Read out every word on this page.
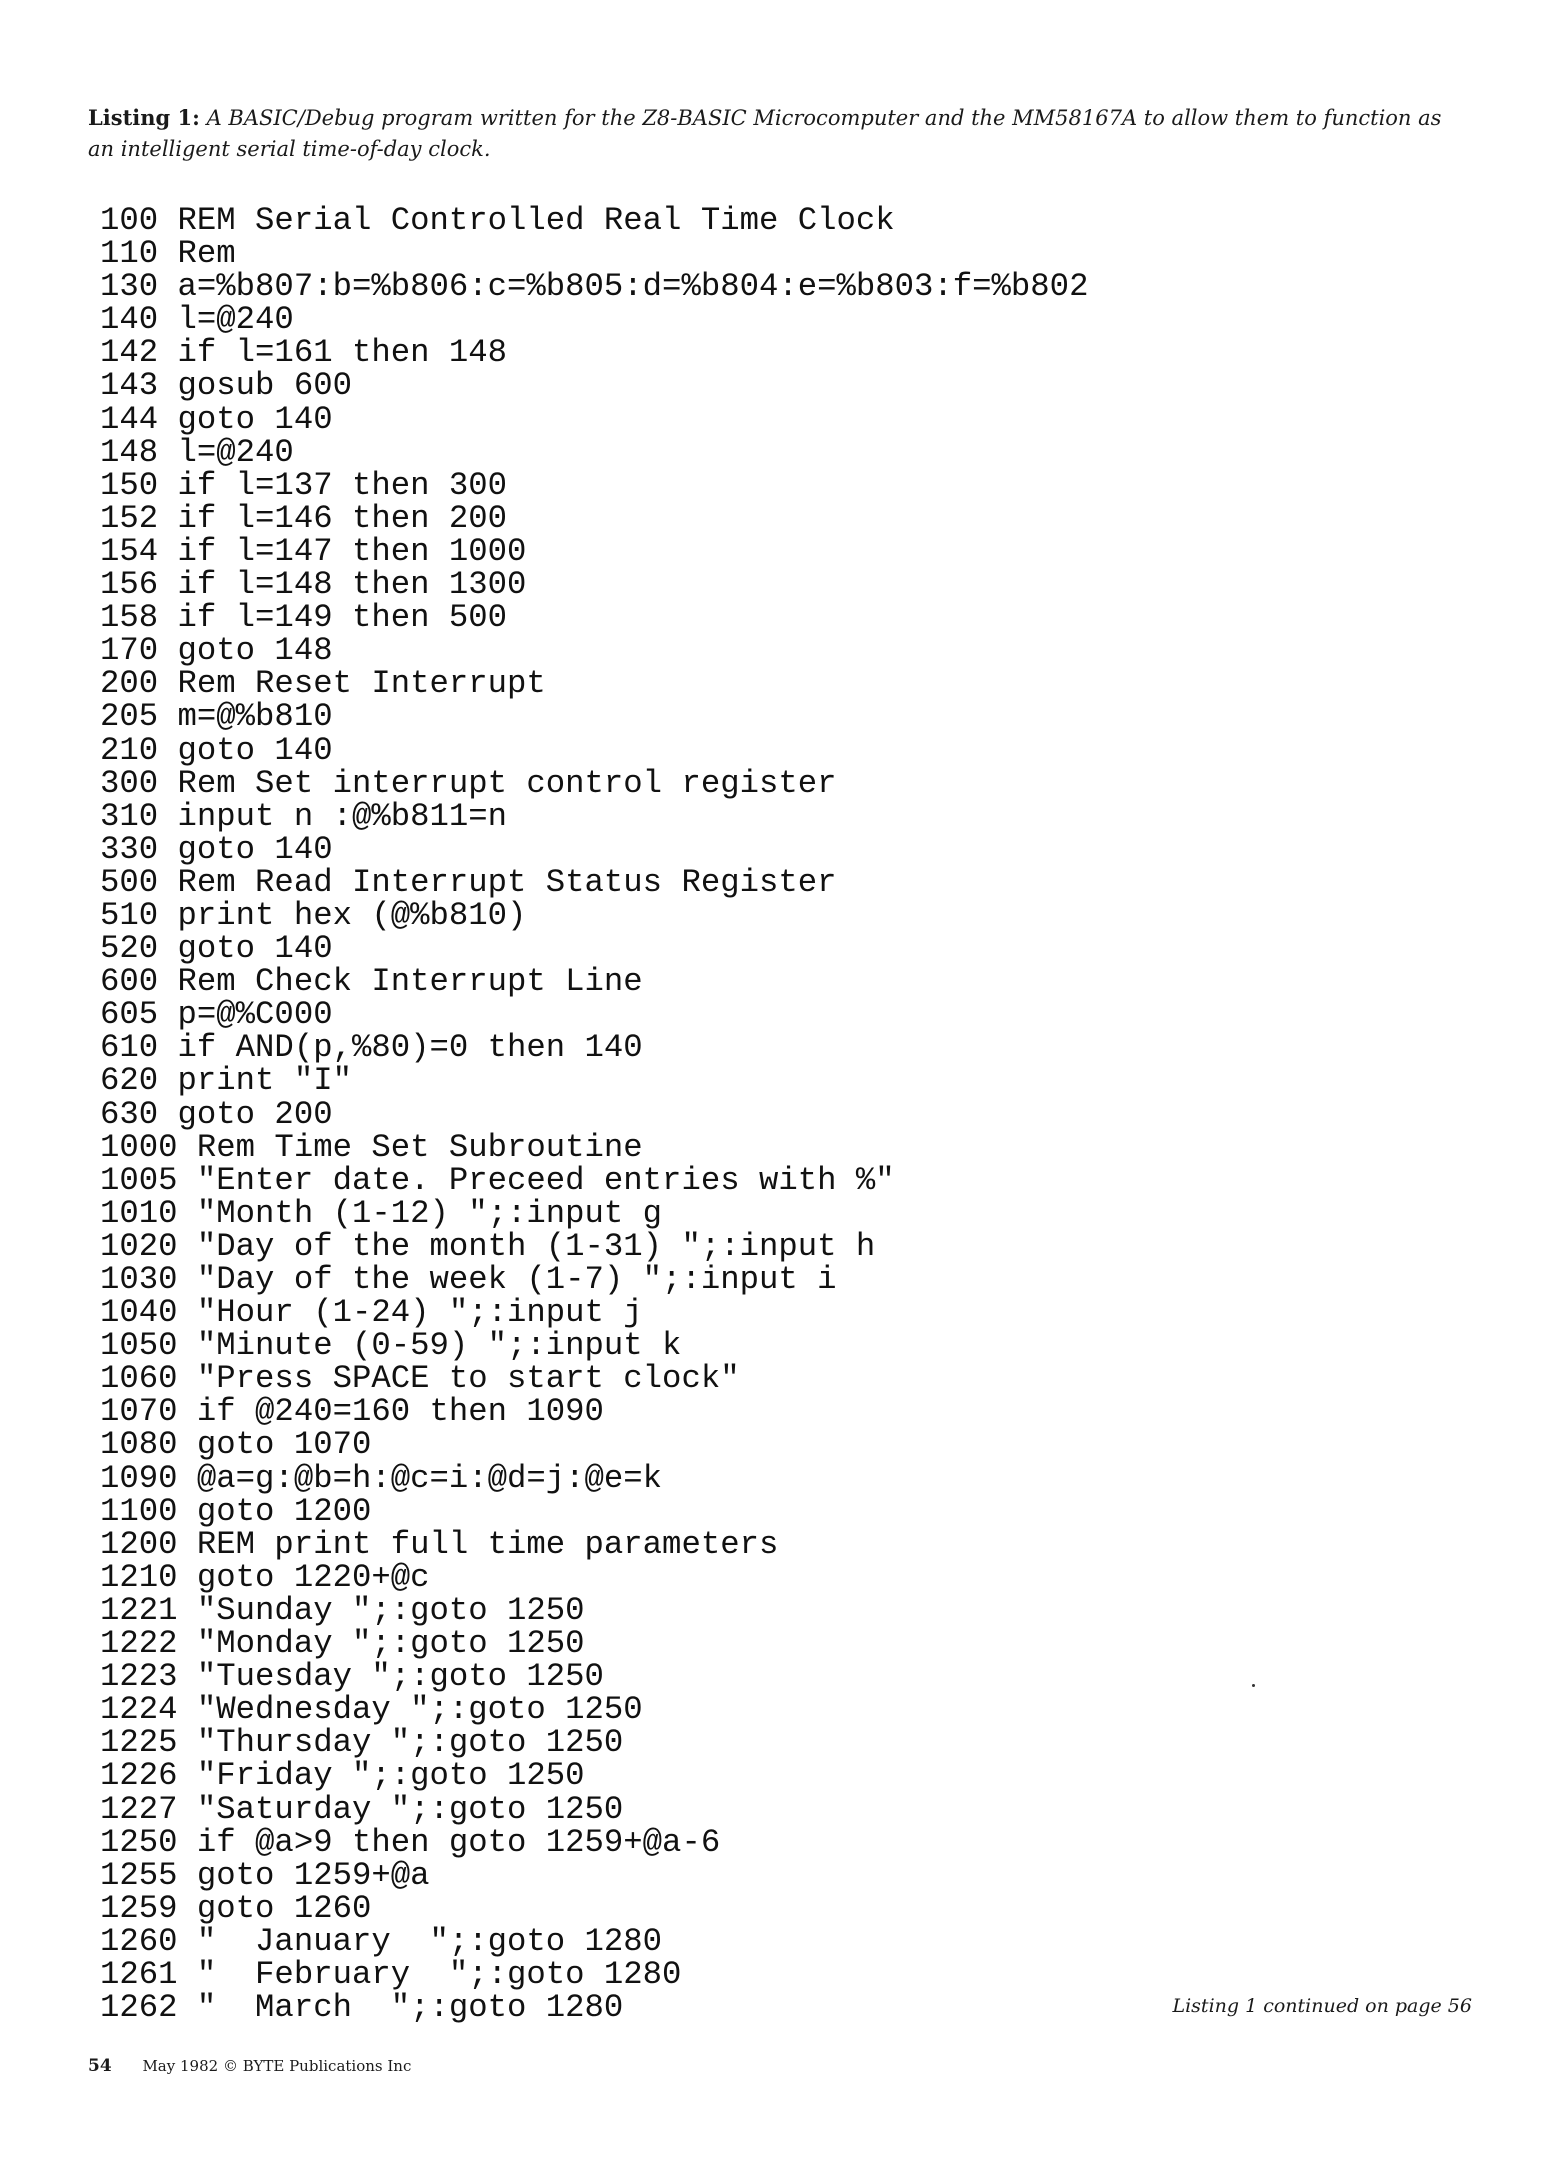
Listing 1: A BASIC/Debug program written for the Z8-BASIC Microcomputer and the MM58167A to allow them to function as an intelligent serial time-of-day clock.
100 REM Serial Controlled Real Time Clock
110 Rem
130 a=%b807:b=%b806:c=%b805:d=%b804:e=%b803:f=%b802
140 l=@240
142 if l=161 then 148
143 gosub 600
144 goto 140
148 l=@240
150 if l=137 then 300
152 if l=146 then 200
154 if l=147 then 1000
156 if l=148 then 1300
158 if l=149 then 500
170 goto 148
200 Rem Reset Interrupt
205 m=@%b810
210 goto 140
300 Rem Set interrupt control register
310 input n :@%b811=n
330 goto 140
500 Rem Read Interrupt Status Register
510 print hex (@%b810)
520 goto 140
600 Rem Check Interrupt Line
605 p=@%C000
610 if AND(p,%80)=0 then 140
620 print "I"
630 goto 200
1000 Rem Time Set Subroutine
1005 "Enter date. Preceed entries with %"
1010 "Month (1-12) ";:input g
1020 "Day of the month (1-31) ";:input h
1030 "Day of the week (1-7) ";:input i
1040 "Hour (1-24) ";:input j
1050 "Minute (0-59) ";:input k
1060 "Press SPACE to start clock"
1070 if @240=160 then 1090
1080 goto 1070
1090 @a=g:@b=h:@c=i:@d=j:@e=k
1100 goto 1200
1200 REM print full time parameters
1210 goto 1220+@c
1221 "Sunday ";:goto 1250
1222 "Monday ";:goto 1250
1223 "Tuesday ";:goto 1250
1224 "Wednesday ";:goto 1250
1225 "Thursday ";:goto 1250
1226 "Friday ";:goto 1250
1227 "Saturday ";:goto 1250
1250 if @a>9 then goto 1259+@a-6
1255 goto 1259+@a
1259 goto 1260
1260 "  January  ";:goto 1280
1261 "  February  ";:goto 1280
1262 "  March  ";:goto 1280	Listing 1 continued on page 56
54 May 1982 © BYTE Publications Inc
